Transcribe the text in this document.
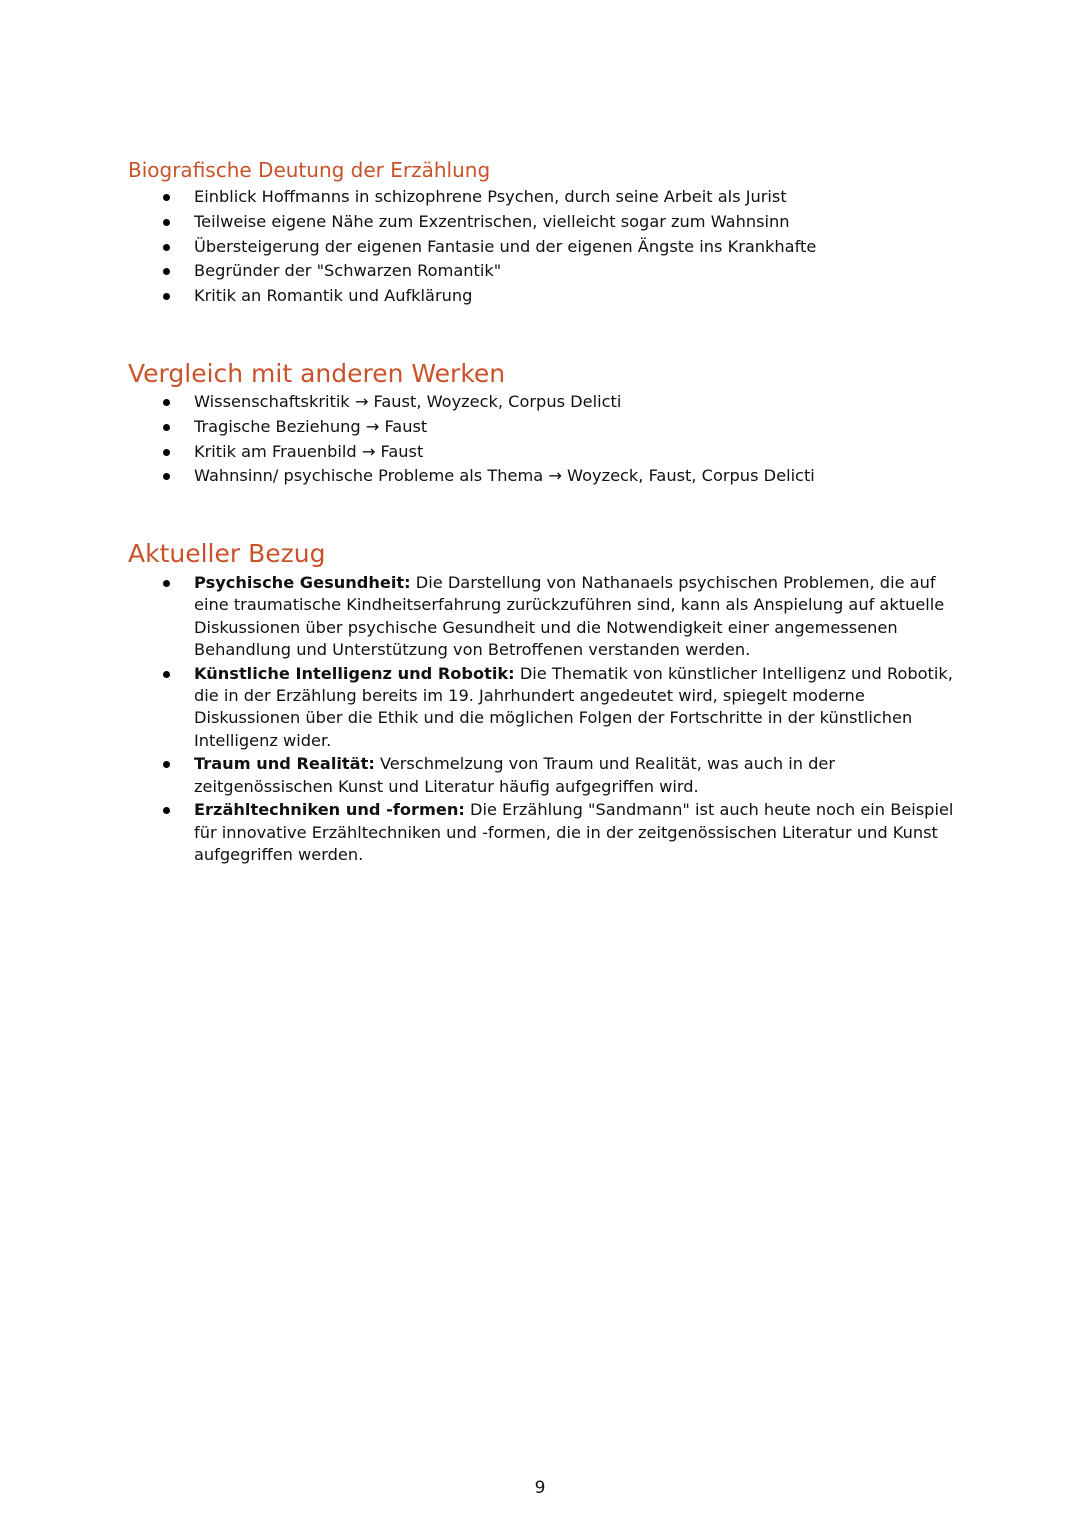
Biografische Deutung der Erzählung
Einblick Hoffmanns in schizophrene Psychen, durch seine Arbeit als Jurist
Teilweise eigene Nähe zum Exzentrischen, vielleicht sogar zum Wahnsinn
Übersteigerung der eigenen Fantasie und der eigenen Ängste ins Krankhafte
Begründer der "Schwarzen Romantik"
Kritik an Romantik und Aufklärung
Vergleich mit anderen Werken
Wissenschaftskritik → Faust, Woyzeck, Corpus Delicti
Tragische Beziehung → Faust
Kritik am Frauenbild → Faust
Wahnsinn/ psychische Probleme als Thema → Woyzeck, Faust, Corpus Delicti
Aktueller Bezug
Psychische Gesundheit: Die Darstellung von Nathanaels psychischen Problemen, die auf eine traumatische Kindheitserfahrung zurückzuführen sind, kann als Anspielung auf aktuelle Diskussionen über psychische Gesundheit und die Notwendigkeit einer angemessenen Behandlung und Unterstützung von Betroffenen verstanden werden.
Künstliche Intelligenz und Robotik: Die Thematik von künstlicher Intelligenz und Robotik, die in der Erzählung bereits im 19. Jahrhundert angedeutet wird, spiegelt moderne Diskussionen über die Ethik und die möglichen Folgen der Fortschritte in der künstlichen Intelligenz wider.
Traum und Realität: Verschmelzung von Traum und Realität, was auch in der zeitgenössischen Kunst und Literatur häufig aufgegriffen wird.
Erzähltechniken und -formen: Die Erzählung "Sandmann" ist auch heute noch ein Beispiel für innovative Erzähltechniken und -formen, die in der zeitgenössischen Literatur und Kunst aufgegriffen werden.
9
